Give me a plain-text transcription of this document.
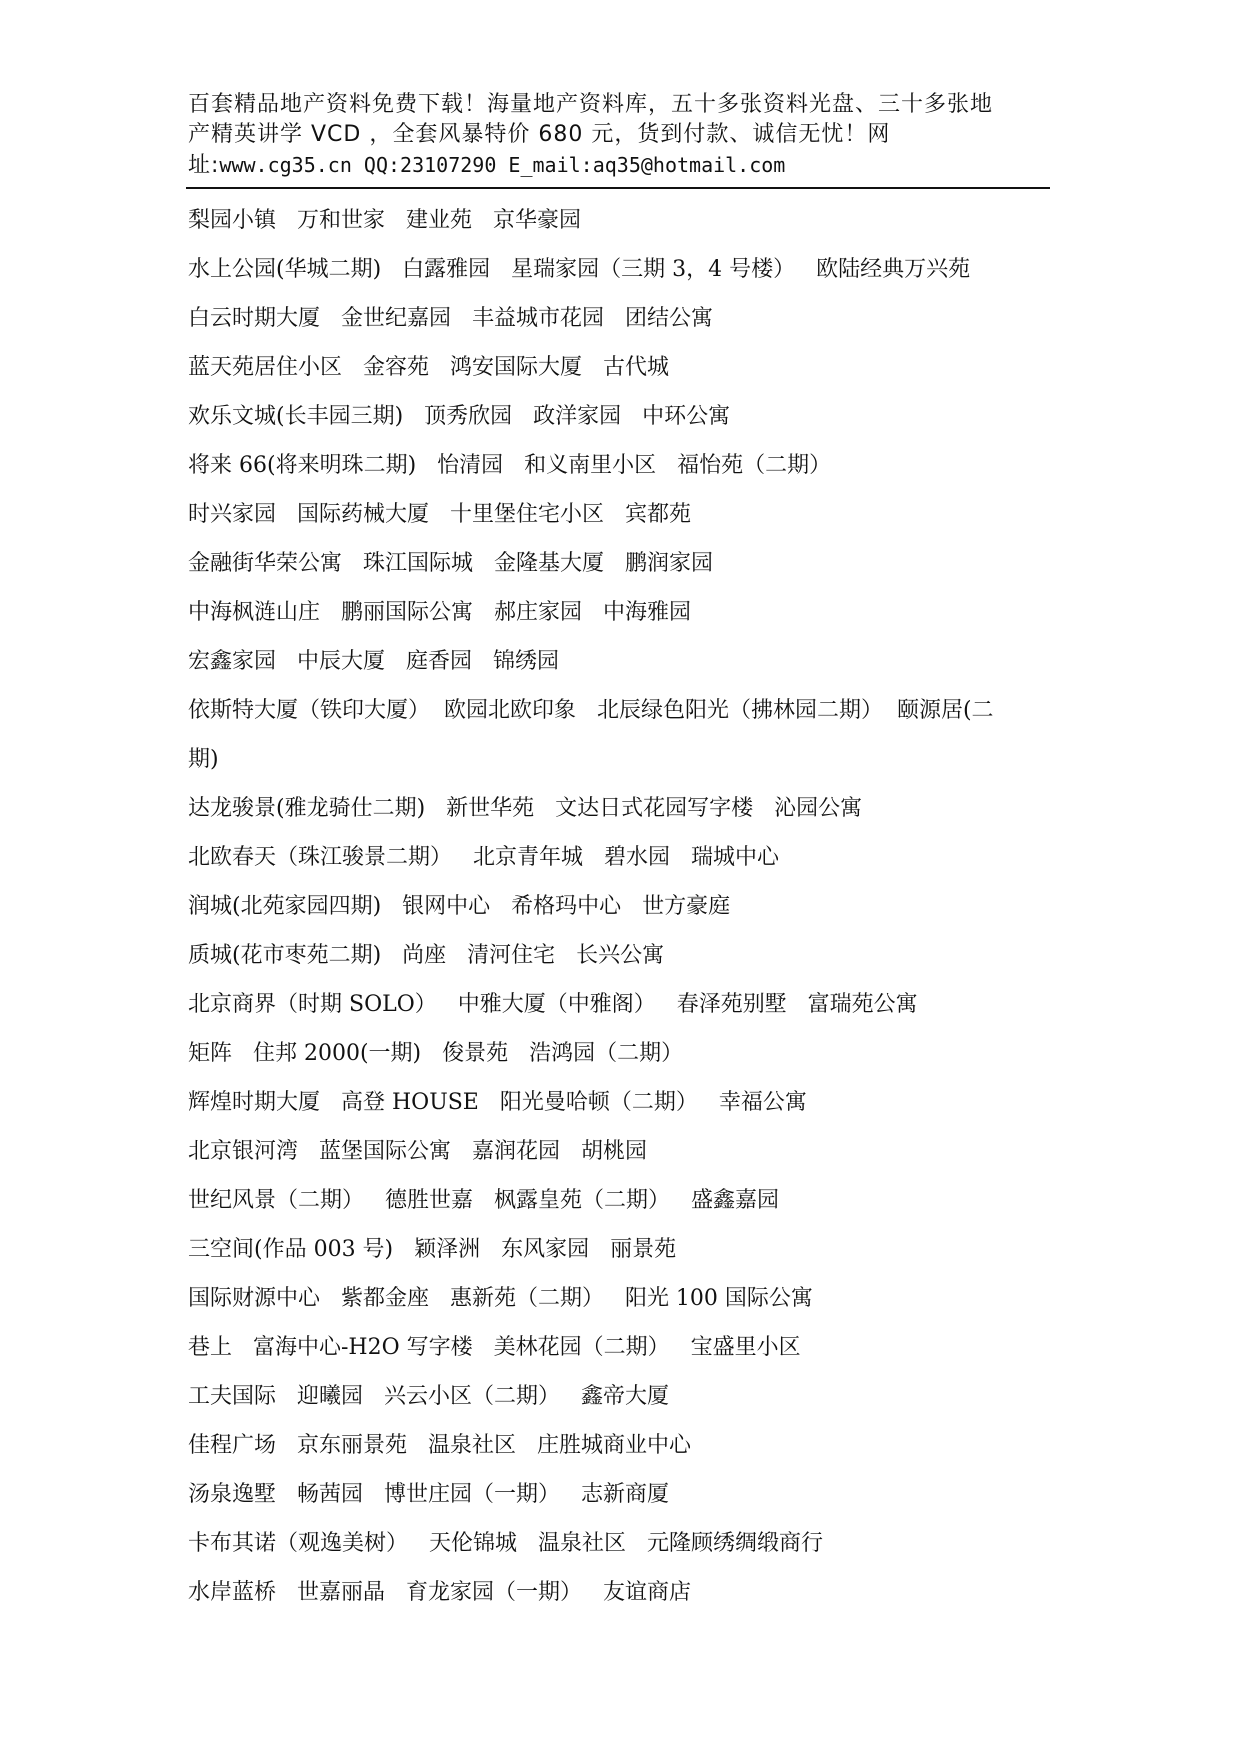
百套精品地产资料免费下载！海量地产资料库，五十多张资料光盘、三十多张地
产精英讲学 VCD ，全套风暴特价 680 元，货到付款、诚信无忧！网
址:www.cg35.cn QQ:23107290 E_mail:aq35@hotmail.com
梨园小镇   万和世家   建业苑   京华豪园
水上公园(华城二期)   白露雅园   星瑞家园（三期 3，4 号楼）   欧陆经典万兴苑
白云时期大厦   金世纪嘉园   丰益城市花园   团结公寓
蓝天苑居住小区   金容苑   鸿安国际大厦   古代城
欢乐文城(长丰园三期)   顶秀欣园   政洋家园   中环公寓
将来 66(将来明珠二期)   怡清园   和义南里小区   福怡苑（二期）
时兴家园   国际药械大厦   十里堡住宅小区   宾都苑
金融街华荣公寓   珠江国际城   金隆基大厦   鹏润家园
中海枫涟山庄   鹏丽国际公寓   郝庄家园   中海雅园
宏鑫家园   中辰大厦   庭香园   锦绣园
依斯特大厦（铁印大厦）  欧园北欧印象   北辰绿色阳光（拂林园二期）  颐源居(二
期)
达龙骏景(雅龙骑仕二期)   新世华苑   文达日式花园写字楼   沁园公寓
北欧春天（珠江骏景二期）   北京青年城   碧水园   瑞城中心
润城(北苑家园四期)   银网中心   希格玛中心   世方豪庭
质城(花市枣苑二期)   尚座   清河住宅   长兴公寓
北京商界（时期 SOLO）   中雅大厦（中雅阁）   春泽苑别墅   富瑞苑公寓
矩阵   住邦 2000(一期)   俊景苑   浩鸿园（二期）
辉煌时期大厦   高登 HOUSE   阳光曼哈顿（二期）   幸福公寓
北京银河湾   蓝堡国际公寓   嘉润花园   胡桃园
世纪风景（二期）   德胜世嘉   枫露皇苑（二期）   盛鑫嘉园
三空间(作品 003 号)   颖泽洲   东风家园   丽景苑
国际财源中心   紫都金座   惠新苑（二期）   阳光 100 国际公寓
巷上   富海中心-H2O 写字楼   美林花园（二期）   宝盛里小区
工夫国际   迎曦园   兴云小区（二期）   鑫帝大厦
佳程广场   京东丽景苑   温泉社区   庄胜城商业中心
汤泉逸墅   畅茜园   博世庄园（一期）   志新商厦
卡布其诺（观逸美树）   天伦锦城   温泉社区   元隆顾绣绸缎商行
水岸蓝桥   世嘉丽晶   育龙家园（一期）   友谊商店
